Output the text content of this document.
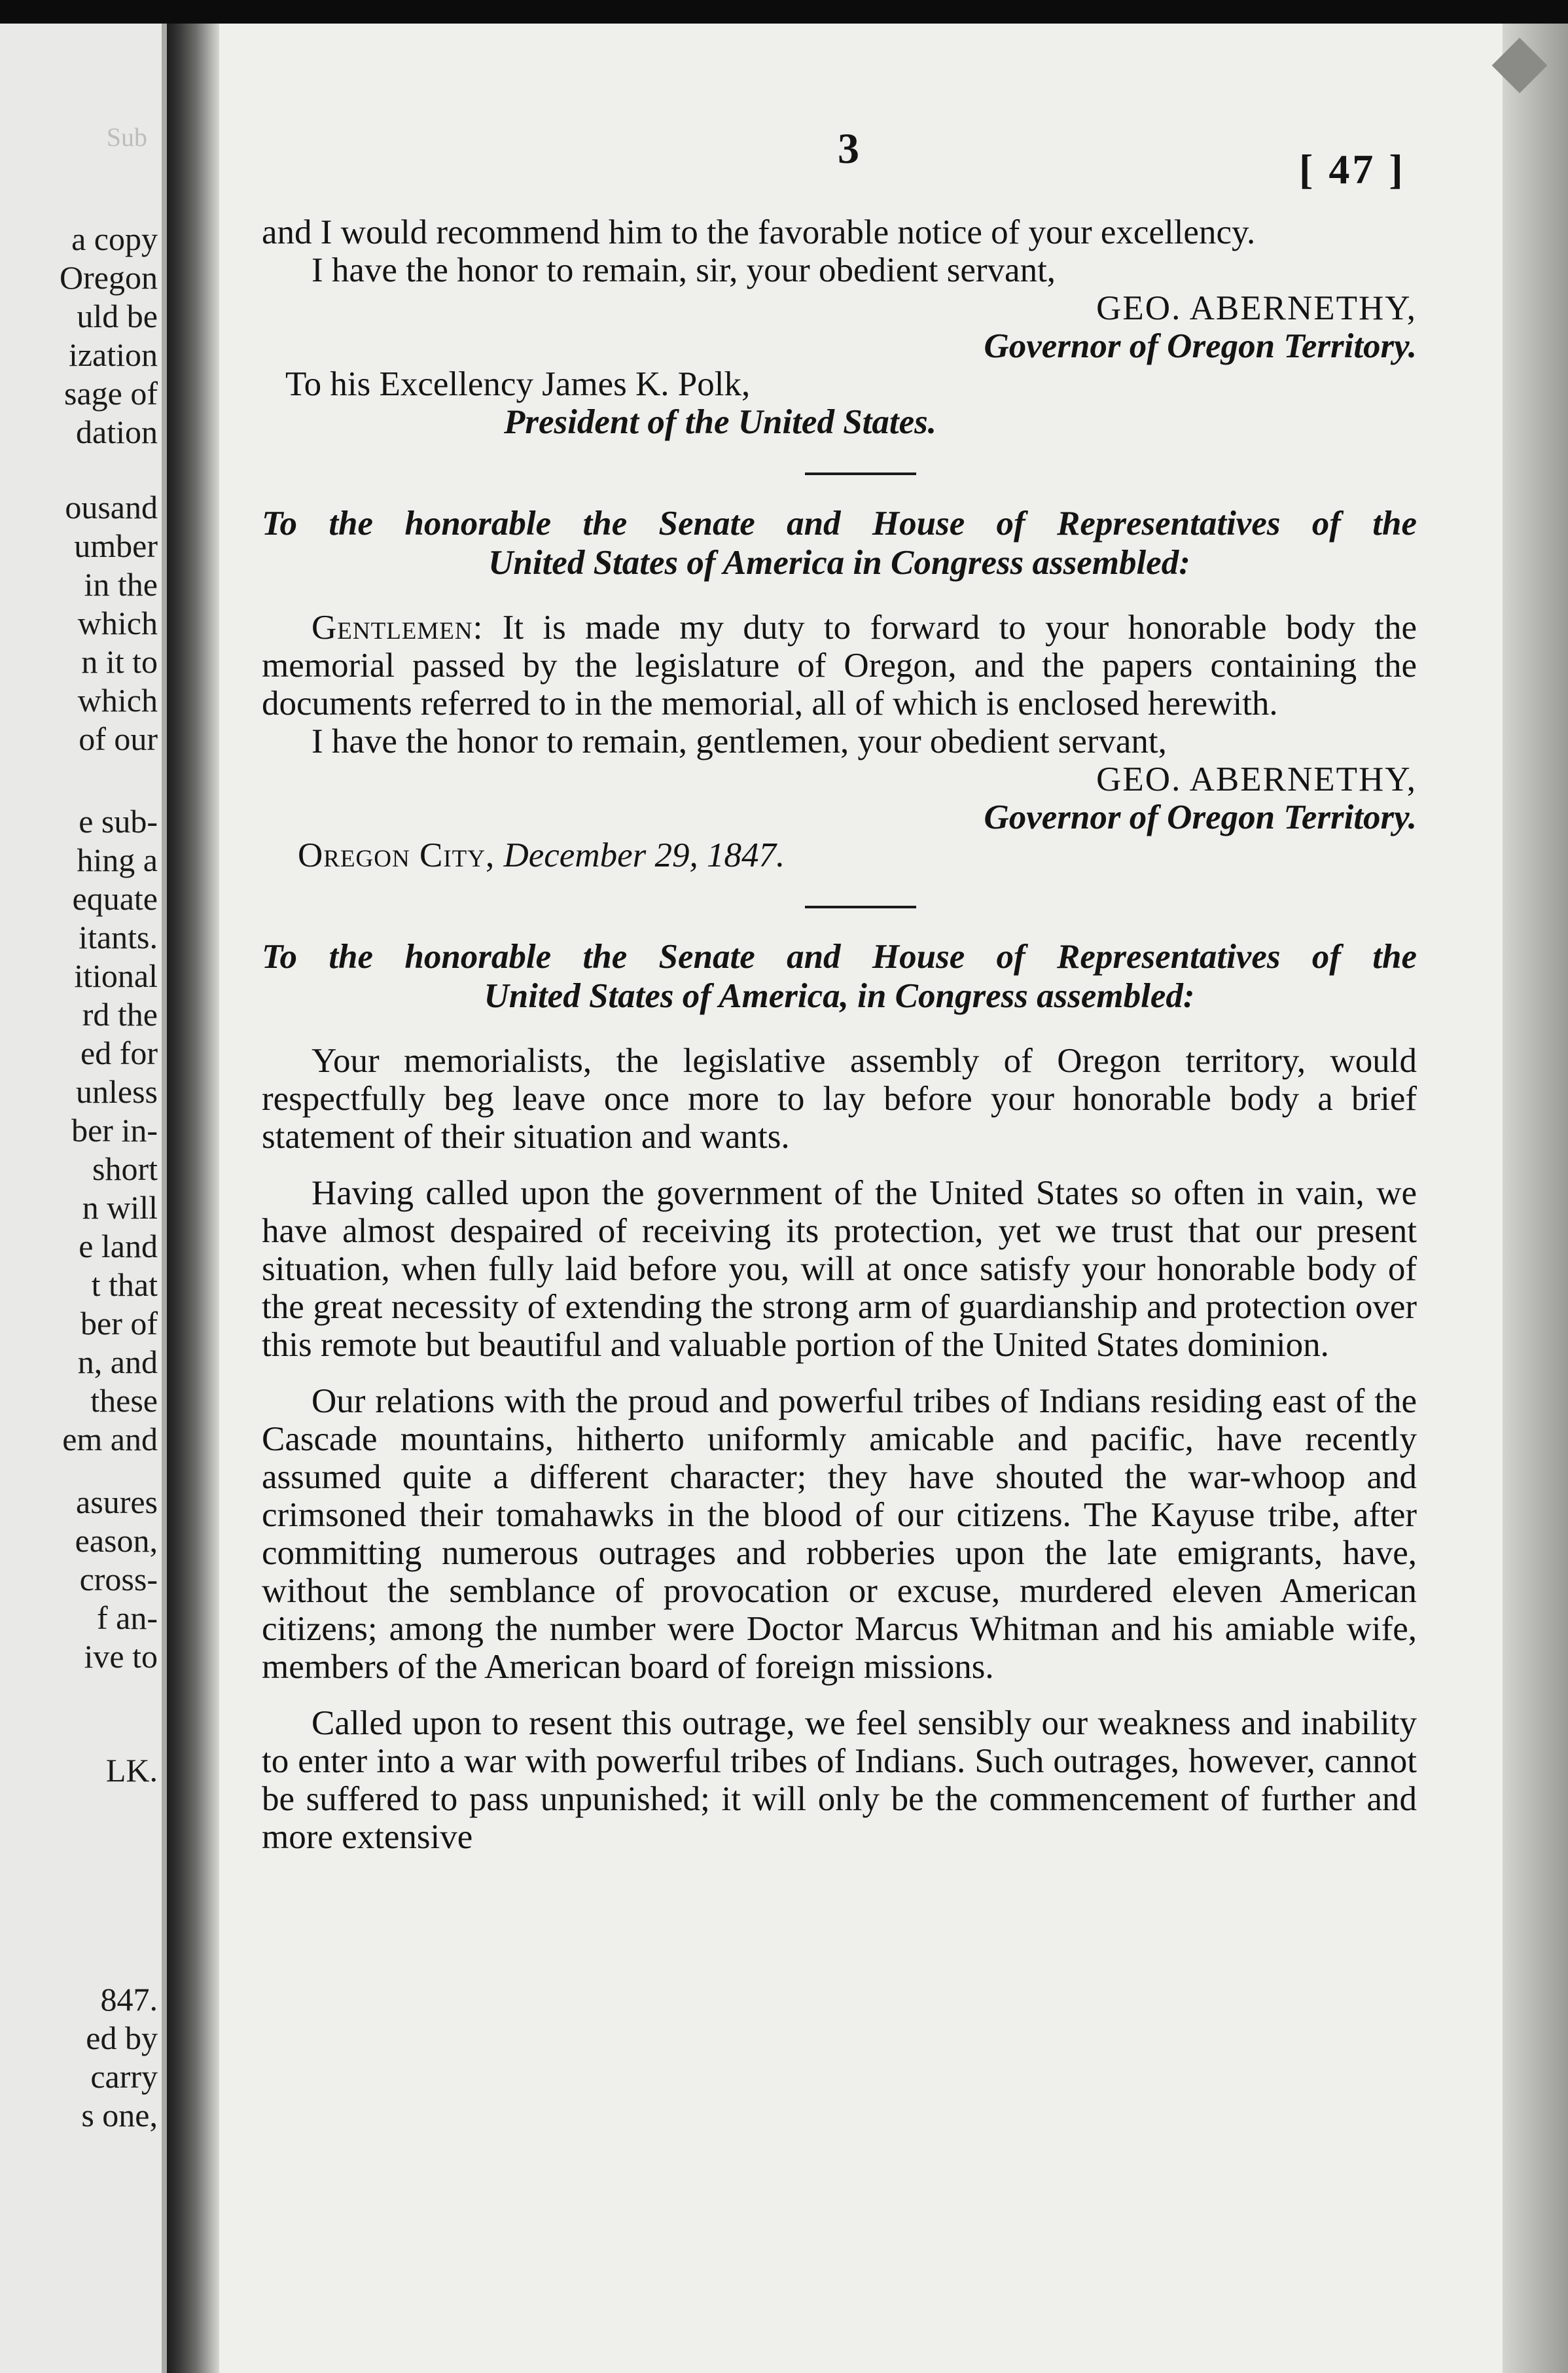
Sub
a copy
Oregon
uld be
ization
sage of
dation
ousand
umber
in the
which
n it to
which
of our
e sub-
hing a
equate
itants.
itional
rd the
ed for
unless
ber in-
short
n will
e land
t that
ber of
n, and
these
em and
asures
eason,
cross-
f an-
ive to
LK.
847.
ed by
carry
s one,
3	[ 47 ]

and I would recommend him to the favorable notice of your excellency.

I have the honor to remain, sir, your obedient servant,

GEO. ABERNETHY,

Governor of Oregon Territory.

To his Excellency James K. Polk,

President of the United States.

To the honorable the Senate and House of Representatives of the

United States of America in Congress assembled:

Gentlemen: It is made my duty to forward to your honorable body the memorial passed by the legislature of Oregon, and the papers containing the documents referred to in the memorial, all of which is enclosed herewith.

I have the honor to remain, gentlemen, your obedient servant,

GEO. ABERNETHY,

Governor of Oregon Territory.

Oregon City, December 29, 1847.

To the honorable the Senate and House of Representatives of the

United States of America, in Congress assembled:

Your memorialists, the legislative assembly of Oregon territory, would respectfully beg leave once more to lay before your honorable body a brief statement of their situation and wants.

Having called upon the government of the United States so often in vain, we have almost despaired of receiving its protection, yet we trust that our present situation, when fully laid before you, will at once satisfy your honorable body of the great necessity of extending the strong arm of guardianship and protection over this remote but beautiful and valuable portion of the United States dominion.

Our relations with the proud and powerful tribes of Indians residing east of the Cascade mountains, hitherto uniformly amicable and pacific, have recently assumed quite a different character; they have shouted the war-whoop and crimsoned their tomahawks in the blood of our citizens. The Kayuse tribe, after committing numerous outrages and robberies upon the late emigrants, have, without the semblance of provocation or excuse, murdered eleven American citizens; among the number were Doctor Marcus Whitman and his amiable wife, members of the American board of foreign missions.

Called upon to resent this outrage, we feel sensibly our weakness and inability to enter into a war with powerful tribes of Indians. Such outrages, however, cannot be suffered to pass unpunished; it will only be the commencement of further and more extensive
